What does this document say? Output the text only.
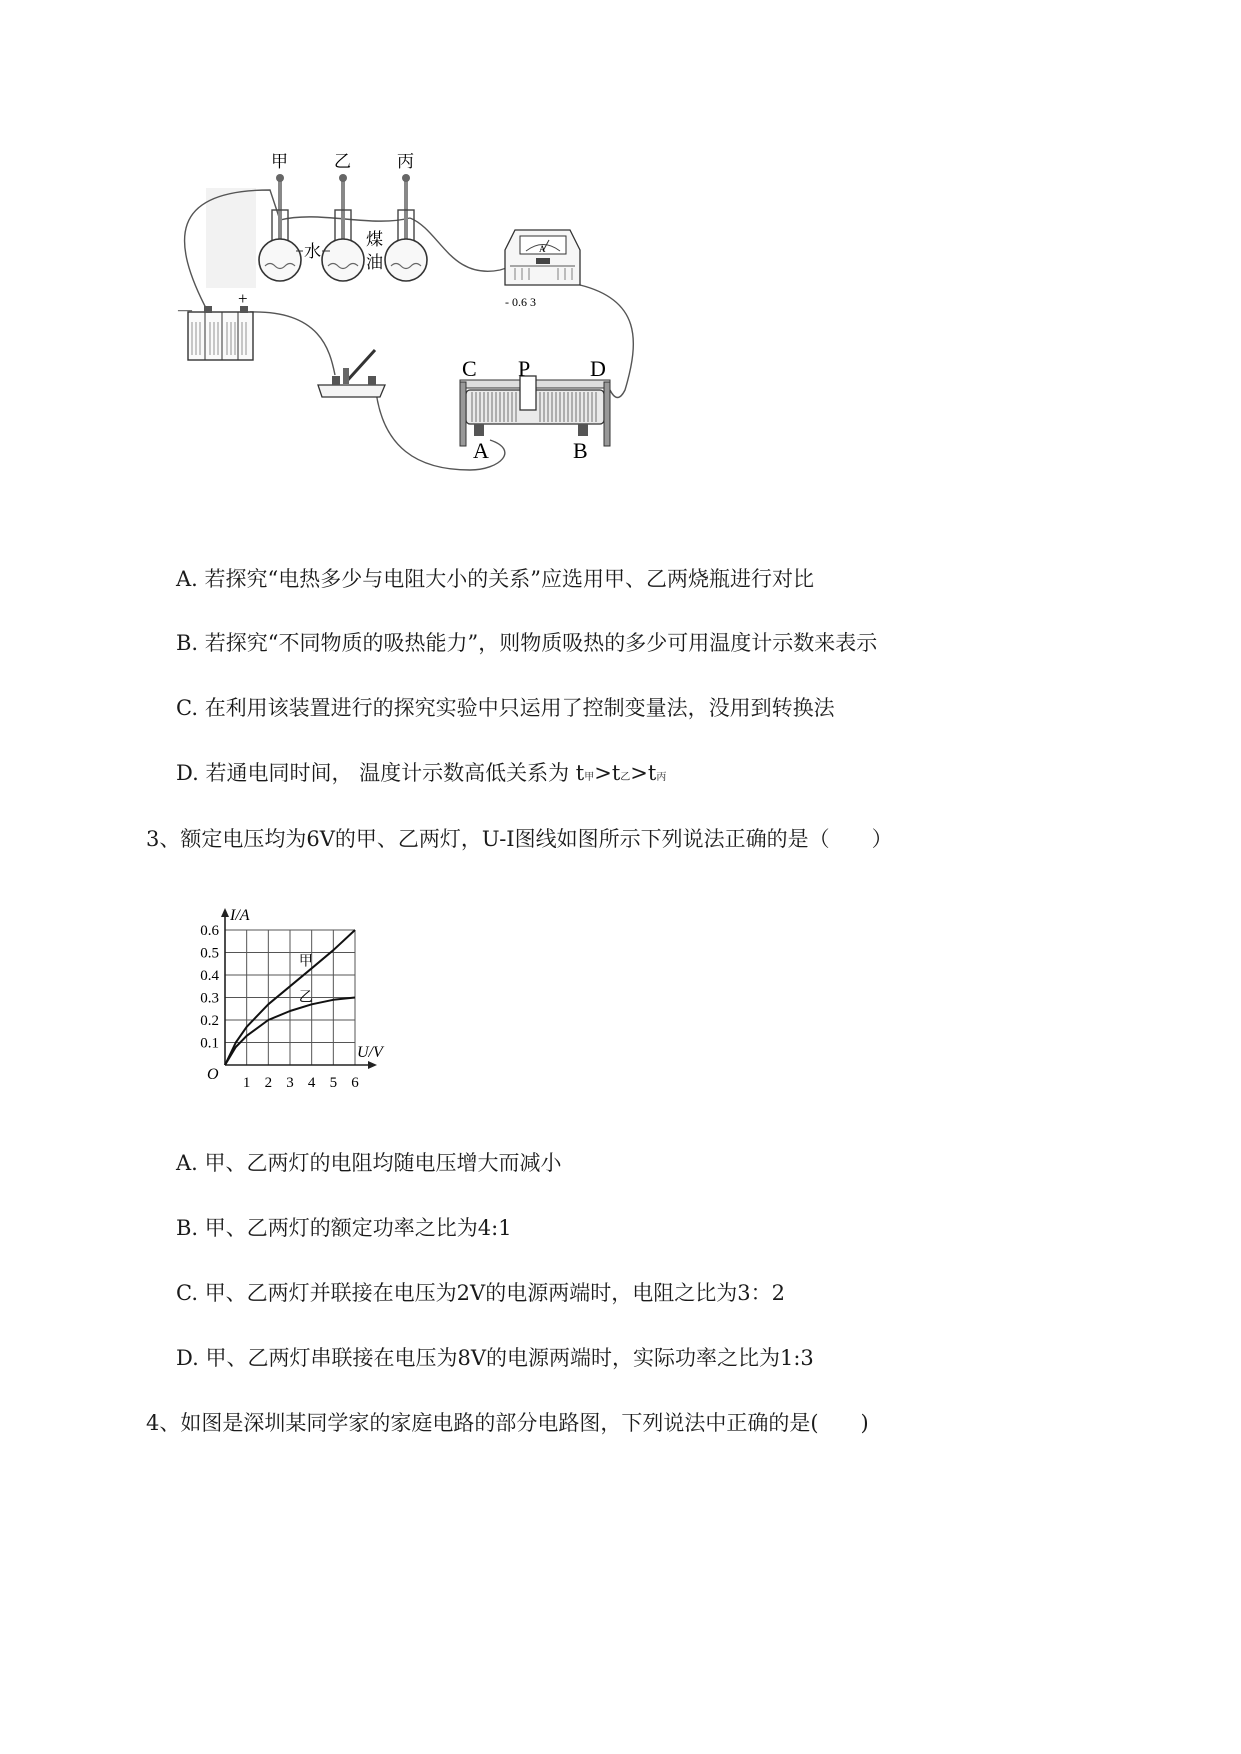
甲	乙	丙
水
煤
油
—
+
A
- 0.6 3
C P	D
A	B
A. 若探究“电热多少与电阻大小的关系”应选用甲、乙两烧瓶进行对比
B. 若探究“不同物质的吸热能力”，则物质吸热的多少可用温度计示数来表示
C. 在利用该装置进行的探究实验中只运用了控制变量法，没用到转换法
D. 若通电同时间， 温度计示数高低关系为 t甲>t乙>t丙
3、额定电压均为6V的甲、乙两灯，U-I图线如图所示下列说法正确的是（　　）
1 2 3 4 5 6
0.1
0.2
0.3
0.4
0.5
0.6
O
I/A
U/V
甲
乙
A. 甲、乙两灯的电阻均随电压增大而减小
B. 甲、乙两灯的额定功率之比为4:1
C. 甲、乙两灯并联接在电压为2V的电源两端时，电阻之比为3：2
D. 甲、乙两灯串联接在电压为8V的电源两端时，实际功率之比为1:3
4、如图是深圳某同学家的家庭电路的部分电路图，下列说法中正确的是(　　)
